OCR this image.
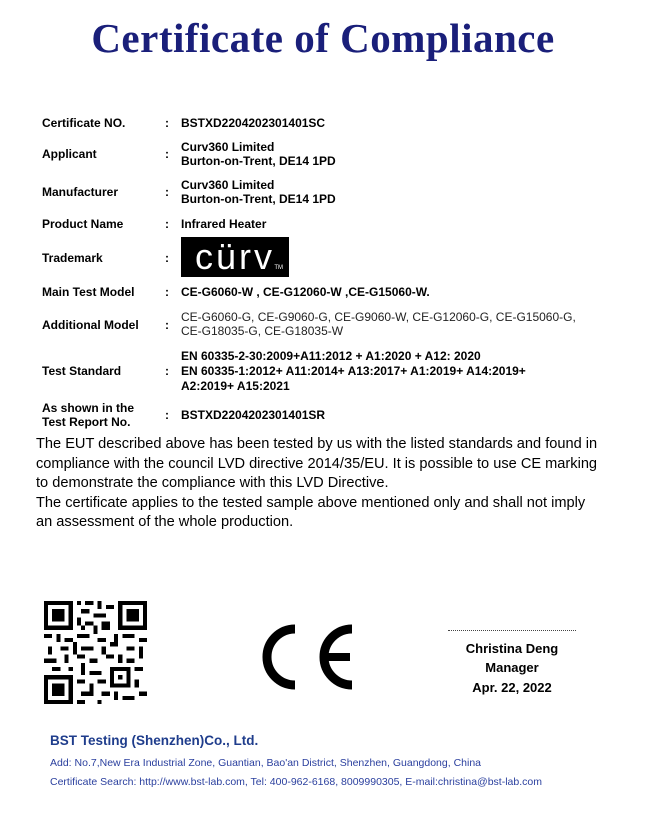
Certificate of Compliance
Certificate NO.	: BSTXD2204202301401SC
Applicant	: Curv360 Limited
Burton-on-Trent, DE14 1PD
Manufacturer	: Curv360 Limited
Burton-on-Trent, DE14 1PD
Product Name	: Infrared Heater
Trademark	: cürv TM
Main Test Model	: CE-G6060-W , CE-G12060-W ,CE-G15060-W.
Additional Model :
CE-G6060-G, CE-G9060-G, CE-G9060-W, CE-G12060-G, CE-G15060-G,
CE-G18035-G, CE-G18035-W
Test Standard	:
EN 60335-2-30:2009+A11:2012 + A1:2020 + A12: 2020
EN 60335-1:2012+ A11:2014+ A13:2017+ A1:2019+ A14:2019+
A2:2019+ A15:2021
As shown in the
Test Report No.	: BSTXD2204202301401SR
The EUT described above has been tested by us with the listed standards and found in
compliance with the council LVD directive 2014/35/EU. It is possible to use CE marking
to demonstrate the compliance with this LVD Directive.
The certificate applies to the tested sample above mentioned only and shall not imply
an assessment of the whole production.
Christina Deng
Manager
Apr. 22, 2022
BST Testing (Shenzhen)Co., Ltd.
Add: No.7,New Era Industrial Zone, Guantian, Bao'an District, Shenzhen, Guangdong, China
Certificate Search: http://www.bst-lab.com, Tel: 400-962-6168, 8009990305, E-mail:christina@bst-lab.com
